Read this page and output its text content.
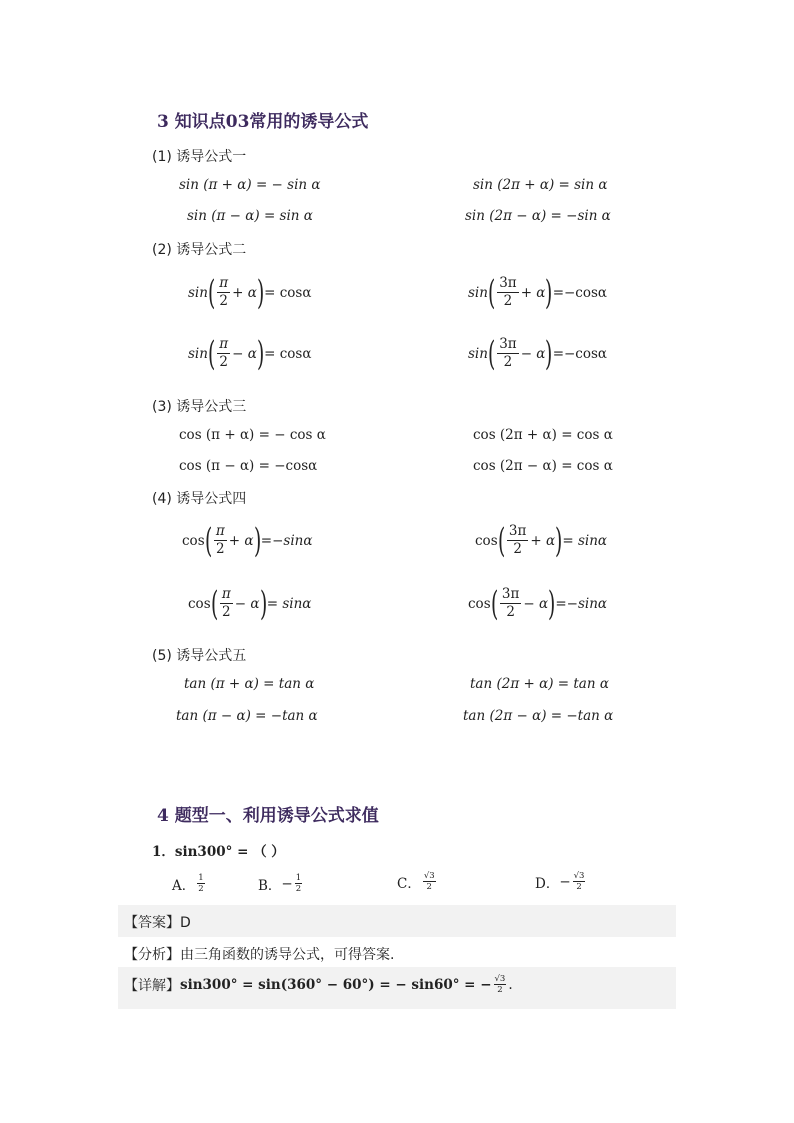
3 知识点03常用的诱导公式
(1) 诱导公式一
sin (π + α) = − sin α	sin (2π + α) = sin α
sin (π − α) = sin α	sin (2π − α) = −sin α
(2) 诱导公式二
sin ( $\frac{\pi}{2} + \alpha$ ) = cosα	sin ( $\frac{3\pi}{2} + \alpha$ ) =−cosα
sin ( $\frac{\pi}{2} - \alpha$ ) = cosα	sin ( $\frac{3\pi}{2} - \alpha$ ) =−cosα
(3) 诱导公式三
cos (π + α) = − cos α	cos (2π + α) = cos α
cos (π − α) = −cosα	cos (2π − α) = cos α
(4) 诱导公式四
cos ( $\frac{\pi}{2} + \alpha$ ) =−sinα	cos ( $\frac{3\pi}{2} + \alpha$ ) = sinα
cos ( $\frac{\pi}{2} - \alpha$ ) = sinα	cos ( $\frac{3\pi}{2} - \alpha$ ) =−sinα
(5) 诱导公式五
tan (π + α) = tan α	tan (2π + α) = tan α
tan (π − α) = −tan α	tan (2π − α) = −tan α
4 题型一、利用诱导公式求值
1．sin300° = （ ）
A． $\frac{1}{2}$	B． − $\frac{1}{2}$	C． $\frac{√3}{2}$	D． − $\frac{√3}{2}$
【答案】D
【分析】由三角函数的诱导公式，可得答案.
【详解】 sin300° = sin(360° − 60°) = − sin60° = − $\frac{√3}{2}$ .
